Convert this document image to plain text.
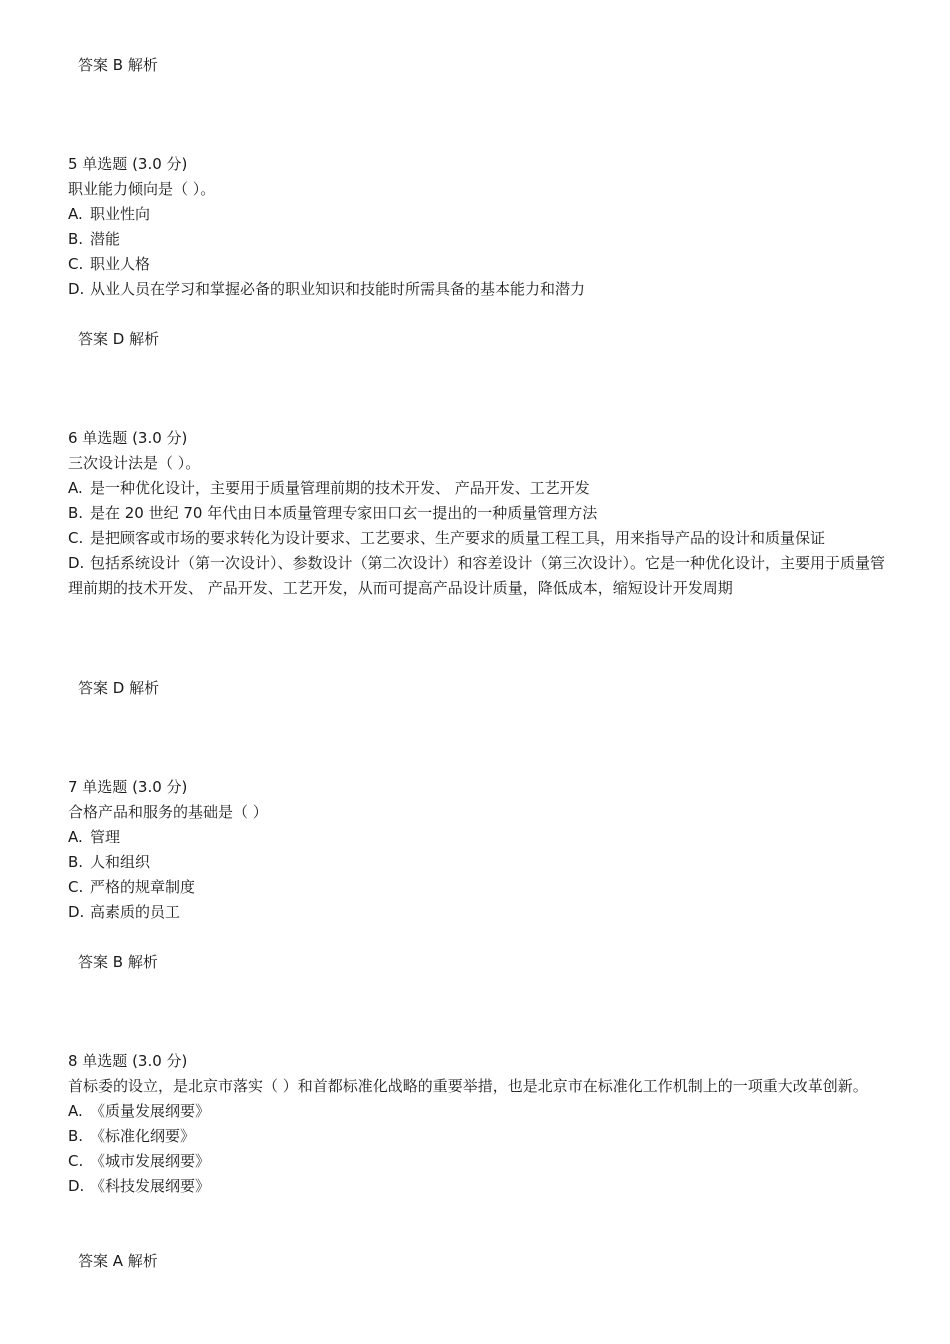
答案 B 解析

5 单选题 (3.0 分)

职业能力倾向是（ ）。

A. 职业性向

B. 潜能

C. 职业人格

D. 从业人员在学习和掌握必备的职业知识和技能时所需具备的基本能力和潜力

答案 D 解析

6 单选题 (3.0 分)

三次设计法是（ ）。

A. 是一种优化设计，主要用于质量管理前期的技术开发、 产品开发、工艺开发

B. 是在 20 世纪 70 年代由日本质量管理专家田口玄一提出的一种质量管理方法

C. 是把顾客或市场的要求转化为设计要求、工艺要求、生产要求的质量工程工具，用来指导产品的设计和质量保证

D. 包括系统设计（第一次设计）、参数设计（第二次设计）和容差设计（第三次设计）。它是一种优化设计，主要用于质量管理前期的技术开发、 产品开发、工艺开发，从而可提高产品设计质量，降低成本，缩短设计开发周期

答案 D 解析

7 单选题 (3.0 分)

合格产品和服务的基础是（ ）

A. 管理

B. 人和组织

C. 严格的规章制度

D. 高素质的员工

答案 B 解析

8 单选题 (3.0 分)

首标委的设立，是北京市落实（ ）和首都标准化战略的重要举措，也是北京市在标准化工作机制上的一项重大改革创新。

A. 《质量发展纲要》

B. 《标准化纲要》

C. 《城市发展纲要》

D. 《科技发展纲要》

答案 A 解析
